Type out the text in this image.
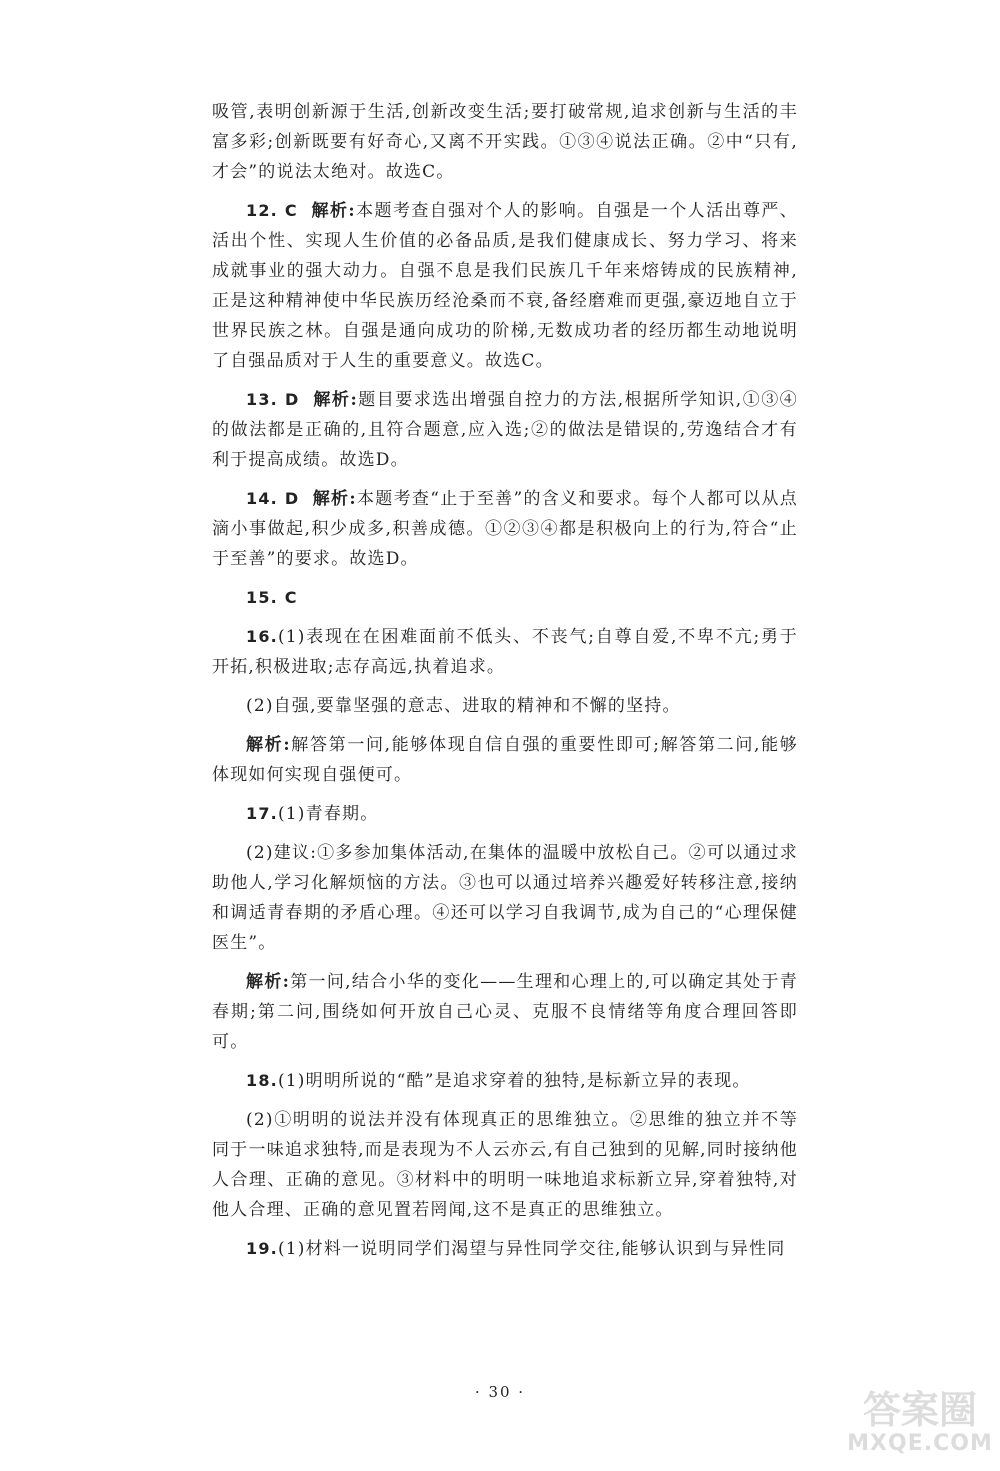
吸管,表明创新源于生活,创新改变生活;要打破常规,追求创新与生活的丰富多彩;创新既要有好奇心,又离不开实践。①③④说法正确。②中“只有,才会”的说法太绝对。故选C。

12. C 解析:本题考查自强对个人的影响。自强是一个人活出尊严、活出个性、实现人生价值的必备品质,是我们健康成长、努力学习、将来成就事业的强大动力。自强不息是我们民族几千年来熔铸成的民族精神,正是这种精神使中华民族历经沧桑而不衰,备经磨难而更强,豪迈地自立于世界民族之林。自强是通向成功的阶梯,无数成功者的经历都生动地说明了自强品质对于人生的重要意义。故选C。

13. D 解析:题目要求选出增强自控力的方法,根据所学知识,①③④的做法都是正确的,且符合题意,应入选;②的做法是错误的,劳逸结合才有利于提高成绩。故选D。

14. D 解析:本题考查“止于至善”的含义和要求。每个人都可以从点滴小事做起,积少成多,积善成德。①②③④都是积极向上的行为,符合“止于至善”的要求。故选D。

15. C

16.(1)表现在在困难面前不低头、不丧气;自尊自爱,不卑不亢;勇于开拓,积极进取;志存高远,执着追求。

(2)自强,要靠坚强的意志、进取的精神和不懈的坚持。

解析:解答第一问,能够体现自信自强的重要性即可;解答第二问,能够体现如何实现自强便可。

17.(1)青春期。

(2)建议:①多参加集体活动,在集体的温暖中放松自己。②可以通过求助他人,学习化解烦恼的方法。③也可以通过培养兴趣爱好转移注意,接纳和调适青春期的矛盾心理。④还可以学习自我调节,成为自己的“心理保健医生”。

解析:第一问,结合小华的变化——生理和心理上的,可以确定其处于青春期;第二问,围绕如何开放自己心灵、克服不良情绪等角度合理回答即可。

18.(1)明明所说的“酷”是追求穿着的独特,是标新立异的表现。

(2)①明明的说法并没有体现真正的思维独立。②思维的独立并不等同于一味追求独特,而是表现为不人云亦云,有自己独到的见解,同时接纳他人合理、正确的意见。③材料中的明明一味地追求标新立异,穿着独特,对他人合理、正确的意见置若罔闻,这不是真正的思维独立。

19.(1)材料一说明同学们渴望与异性同学交往,能够认识到与异性同

· 30 ·	答案圈
MXQE.COM
